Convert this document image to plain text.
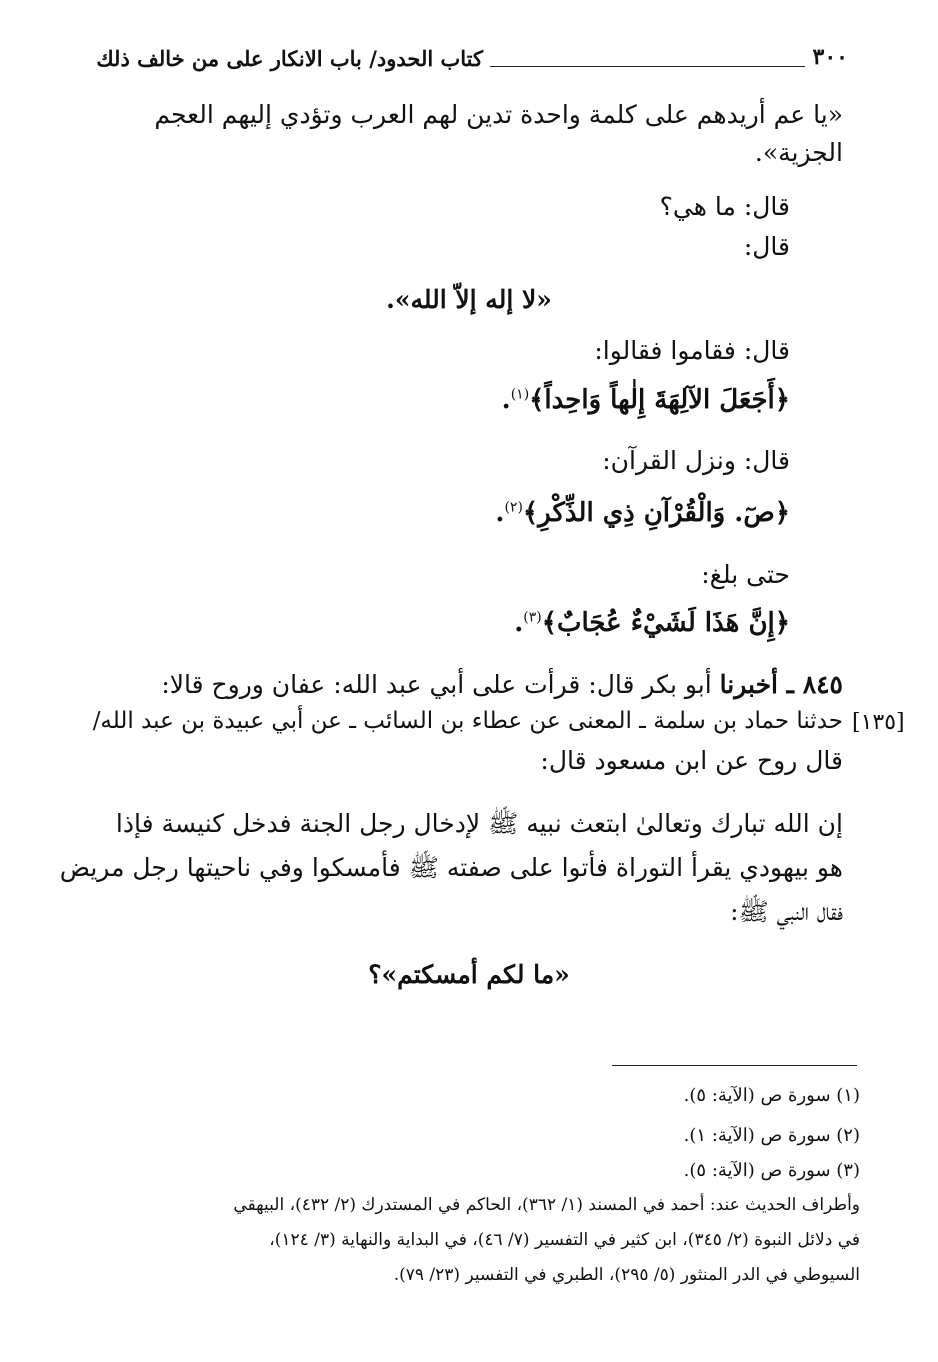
٣٠٠
كتاب الحدود/ باب الانكار على من خالف ذلك
«يا عم أريدهم على كلمة واحدة تدين لهم العرب وتؤدي إليهم العجم
الجزية».
قال: ما هي؟
قال:
«لا إله إلاّ الله».
قال: فقاموا فقالوا:
﴿أَجَعَلَ الآلِهَةَ إِلٰهاً وَاحِداً﴾$^{(١)}$.
قال: ونزل القرآن:
﴿صٓ. وَالْقُرْآنِ ذِي الذِّكْرِ﴾$^{(٢)}$.
حتى بلغ:
﴿إِنَّ هَذَا لَشَيْءٌ عُجَابٌ﴾$^{(٣)}$.
٨٤٥ ـ أخبرنا أبو بكر قال: قرأت على أبي عبد الله: عفان وروح قالا:
[١٣٥]
حدثنا حماد بن سلمة ـ المعنى عن عطاء بن السائب ـ عن أبي عبيدة بن عبد الله/
قال روح عن ابن مسعود قال:
إن الله تبارك وتعالىٰ ابتعث نبيه ﷺ لإدخال رجل الجنة فدخل كنيسة فإذا
هو بيهودي يقرأ التوراة فأتوا على صفته ﷺ فأمسكوا وفي ناحيتها رجل مريض
فقال النبي ﷺ:
«ما لكم أمسكتم»؟
(١) سورة ص (الآية: ٥).
(٢) سورة ص (الآية: ١).
(٣) سورة ص (الآية: ٥).
وأطراف الحديث عند: أحمد في المسند (١/ ٣٦٢)، الحاكم في المستدرك (٢/ ٤٣٢)، البيهقي
في دلائل النبوة (٢/ ٣٤٥)، ابن كثير في التفسير (٧/ ٤٦)، في البداية والنهاية (٣/ ١٢٤)،
السيوطي في الدر المنثور (٥/ ٢٩٥)، الطبري في التفسير (٢٣/ ٧٩).
